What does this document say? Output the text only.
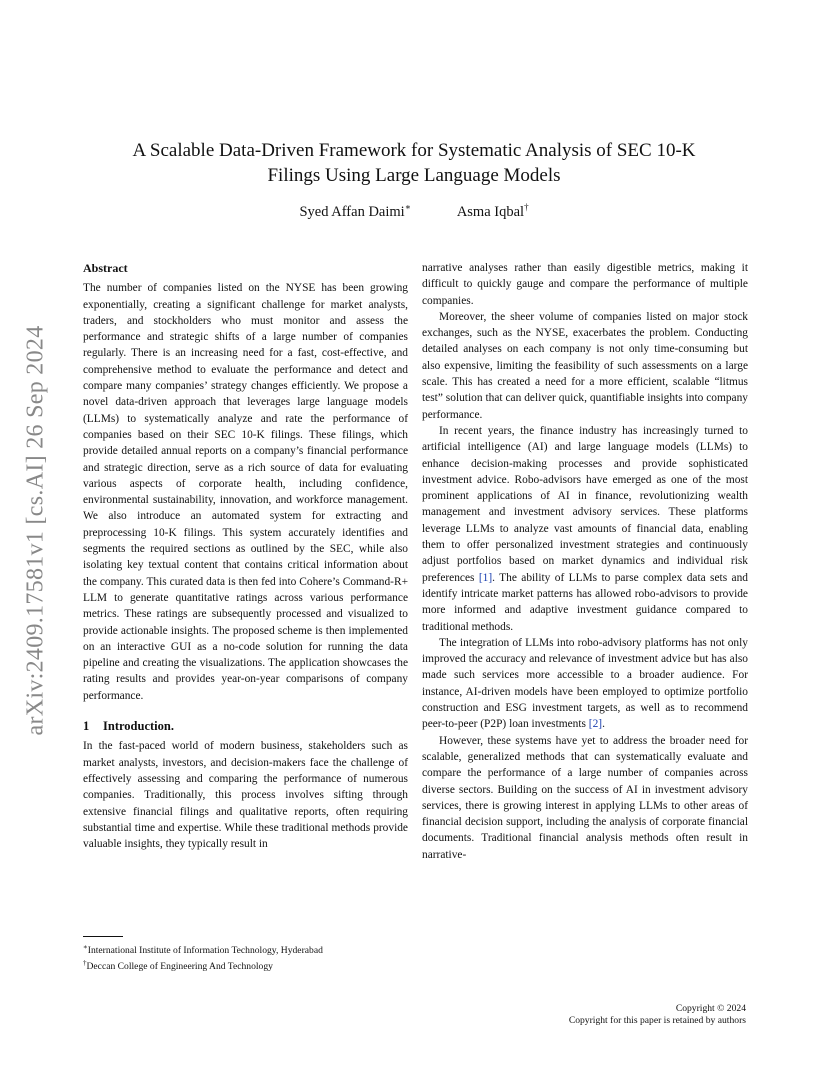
arXiv:2409.17581v1 [cs.AI] 26 Sep 2024
A Scalable Data-Driven Framework for Systematic Analysis of SEC 10-K
Filings Using Large Language Models
Syed Affan Daimi∗	Asma Iqbal†
Abstract

The number of companies listed on the NYSE has been growing exponentially, creating a significant challenge for market analysts, traders, and stockholders who must monitor and assess the performance and strategic shifts of a large number of companies regularly. There is an increasing need for a fast, cost-effective, and comprehensive method to evaluate the performance and detect and compare many companies’ strategy changes efficiently. We propose a novel data-driven approach that leverages large language models (LLMs) to systematically analyze and rate the performance of companies based on their SEC 10-K filings. These filings, which provide detailed annual reports on a company’s financial performance and strategic direction, serve as a rich source of data for evaluating various aspects of corporate health, including confidence, environmental sustainability, innovation, and workforce management. We also introduce an automated system for extracting and preprocessing 10-K filings. This system accurately identifies and segments the required sections as outlined by the SEC, while also isolating key textual content that contains critical information about the company. This curated data is then fed into Cohere’s Command-R+ LLM to generate quantitative ratings across various performance metrics. These ratings are subsequently processed and visualized to provide actionable insights. The proposed scheme is then implemented on an interactive GUI as a no-code solution for running the data pipeline and creating the visualizations. The application showcases the rating results and provides year-on-year comparisons of company performance.

1 Introduction.

In the fast-paced world of modern business, stakeholders such as market analysts, investors, and decision-makers face the challenge of effectively assessing and comparing the performance of numerous companies. Traditionally, this process involves sifting through extensive financial filings and qualitative reports, often requiring substantial time and expertise. While these traditional methods provide valuable insights, they typically result in

narrative analyses rather than easily digestible metrics, making it difficult to quickly gauge and compare the performance of multiple companies.

Moreover, the sheer volume of companies listed on major stock exchanges, such as the NYSE, exacerbates the problem. Conducting detailed analyses on each company is not only time-consuming but also expensive, limiting the feasibility of such assessments on a large scale. This has created a need for a more efficient, scalable “litmus test” solution that can deliver quick, quantifiable insights into company performance.

In recent years, the finance industry has increasingly turned to artificial intelligence (AI) and large language models (LLMs) to enhance decision-making processes and provide sophisticated investment advice. Robo-advisors have emerged as one of the most prominent applications of AI in finance, revolutionizing wealth management and investment advisory services. These platforms leverage LLMs to analyze vast amounts of financial data, enabling them to offer personalized investment strategies and continuously adjust portfolios based on market dynamics and individual risk preferences [1]. The ability of LLMs to parse complex data sets and identify intricate market patterns has allowed robo-advisors to provide more informed and adaptive investment guidance compared to traditional methods.

The integration of LLMs into robo-advisory platforms has not only improved the accuracy and relevance of investment advice but has also made such services more accessible to a broader audience. For instance, AI-driven models have been employed to optimize portfolio construction and ESG investment targets, as well as to recommend peer-to-peer (P2P) loan investments [2].

However, these systems have yet to address the broader need for scalable, generalized methods that can systematically evaluate and compare the performance of a large number of companies across diverse sectors. Building on the success of AI in investment advisory services, there is growing interest in applying LLMs to other areas of financial decision support, including the analysis of corporate financial documents. Traditional financial analysis methods often result in narrative-

∗International Institute of Information Technology, Hyderabad
†Deccan College of Engineering And Technology
Copyright © 2024
Copyright for this paper is retained by authors
